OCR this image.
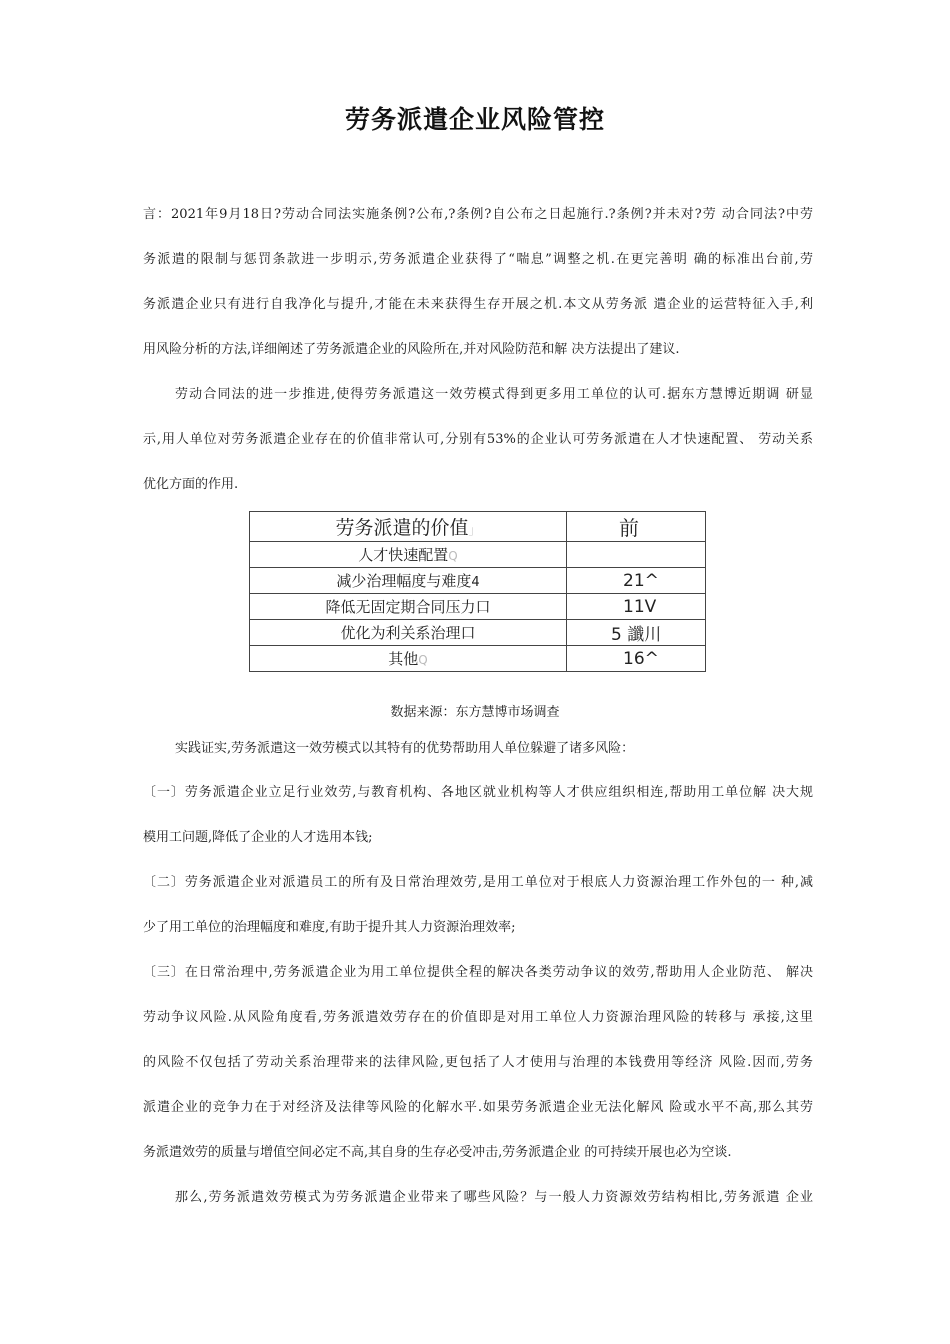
劳务派遣企业风险管控
言：2021年9月18日?劳动合同法实施条例?公布,?条例?自公布之日起施行.?条例?并未对?劳 动合同法?中劳
务派遣的限制与惩罚条款进一步明示,劳务派遣企业获得了“喘息”调整之机.在更完善明 确的标准出台前,劳
务派遣企业只有进行自我净化与提升,才能在未来获得生存开展之机.本文从劳务派 遣企业的运营特征入手,利
用风险分析的方法,详细阐述了劳务派遣企业的风险所在,并对风险防范和解 决方法提出了建议.
劳动合同法的进一步推进,使得劳务派遣这一效劳模式得到更多用工单位的认可.据东方慧博近期调 研显
示,用人单位对劳务派遣企业存在的价值非常认可,分别有53%的企业认可劳务派遣在人才快速配置、 劳动关系
优化方面的作用.
劳务派遣的价值」	前
人才快速配置Q	
减少治理幅度与难度4	21^
降低无固定期合同压力口	11V
优化为利关系治理口	5 讖川
其他Q	16^
数据来源：东方慧博市场调查
实践证实,劳务派遣这一效劳模式以其特有的优势帮助用人单位躲避了诸多风险：
〔一〕劳务派遣企业立足行业效劳,与教育机构、各地区就业机构等人才供应组织相连,帮助用工单位解 决大规
模用工问题,降低了企业的人才选用本钱;
〔二〕劳务派遣企业对派遣员工的所有及日常治理效劳,是用工单位对于根底人力资源治理工作外包的一 种,减
少了用工单位的治理幅度和难度,有助于提升其人力资源治理效率;
〔三〕在日常治理中,劳务派遣企业为用工单位提供全程的解决各类劳动争议的效劳,帮助用人企业防范、 解决
劳动争议风险.从风险角度看,劳务派遣效劳存在的价值即是对用工单位人力资源治理风险的转移与 承接,这里
的风险不仅包括了劳动关系治理带来的法律风险,更包括了人才使用与治理的本钱费用等经济 风险.因而,劳务
派遣企业的竞争力在于对经济及法律等风险的化解水平.如果劳务派遣企业无法化解风 险或水平不高,那么其劳
务派遣效劳的质量与增值空间必定不高,其自身的生存必受冲击,劳务派遣企业 的可持续开展也必为空谈.
那么,劳务派遣效劳模式为劳务派遣企业带来了哪些风险？与一般人力资源效劳结构相比,劳务派遣 企业
